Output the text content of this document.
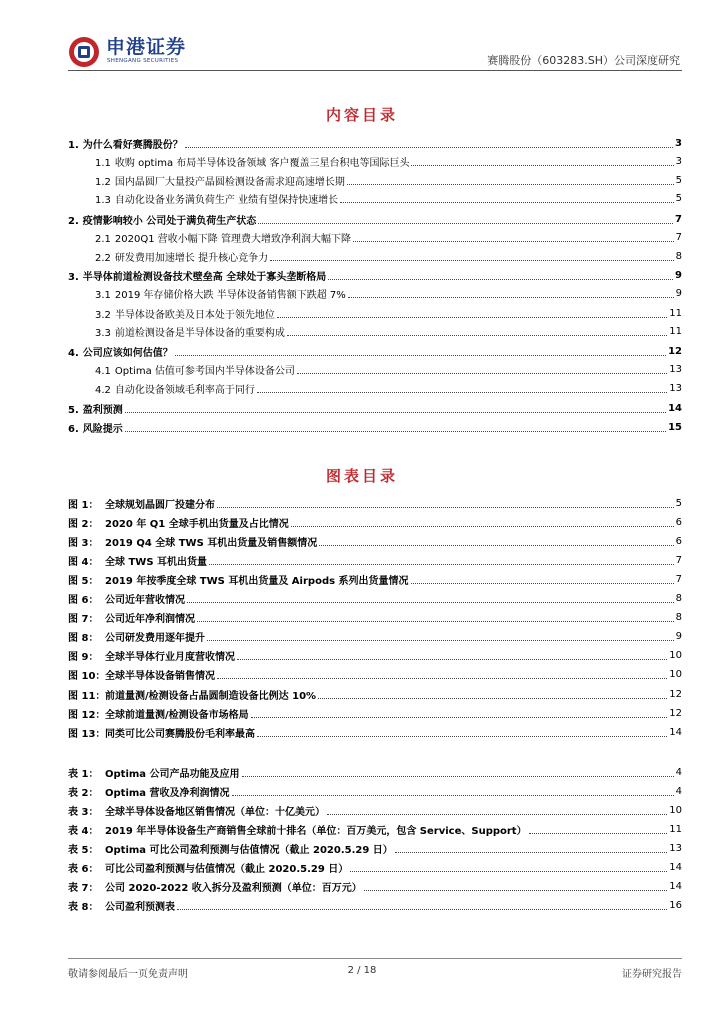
申港证券
SHENGANG SECURITIES	赛腾股份（603283.SH）公司深度研究
内容目录
1. 为什么看好赛腾股份？	3
1.1 收购 optima 布局半导体设备领域 客户覆盖三星台积电等国际巨头	3
1.2 国内晶圆厂大量投产晶圆检测设备需求迎高速增长期	5
1.3 自动化设备业务满负荷生产 业绩有望保持快速增长	5
2. 疫情影响较小 公司处于满负荷生产状态	7
2.1 2020Q1 营收小幅下降 管理费大增致净利润大幅下降	7
2.2 研发费用加速增长 提升核心竞争力	8
3. 半导体前道检测设备技术壁垒高 全球处于寡头垄断格局	9
3.1 2019 年存储价格大跌 半导体设备销售额下跌超 7%	9
3.2 半导体设备欧美及日本处于领先地位	11
3.3 前道检测设备是半导体设备的重要构成	11
4. 公司应该如何估值？	12
4.1 Optima 估值可参考国内半导体设备公司	13
4.2 自动化设备领域毛利率高于同行	13
5. 盈利预测	14
6. 风险提示	15
图表目录
图 1： 全球规划晶圆厂投建分布	5
图 2： 2020 年 Q1 全球手机出货量及占比情况	6
图 3： 2019 Q4 全球 TWS 耳机出货量及销售额情况	6
图 4： 全球 TWS 耳机出货量	7
图 5： 2019 年按季度全球 TWS 耳机出货量及 Airpods 系列出货量情况	7
图 6： 公司近年营收情况	8
图 7： 公司近年净利润情况	8
图 8： 公司研发费用逐年提升	9
图 9： 全球半导体行业月度营收情况	10
图 10：全球半导体设备销售情况	10
图 11：前道量测/检测设备占晶圆制造设备比例达 10%	12
图 12：全球前道量测/检测设备市场格局	12
图 13：同类可比公司赛腾股份毛利率最高	14
表 1： Optima 公司产品功能及应用	4
表 2： Optima 营收及净利润情况	4
表 3： 全球半导体设备地区销售情况（单位：十亿美元）	10
表 4： 2019 年半导体设备生产商销售全球前十排名（单位：百万美元，包含 Service、Support）	11
表 5： Optima 可比公司盈利预测与估值情况（截止 2020.5.29 日）	13
表 6： 可比公司盈利预测与估值情况（截止 2020.5.29 日）	14
表 7： 公司 2020-2022 收入拆分及盈利预测（单位：百万元）	14
表 8： 公司盈利预测表	16
敬请参阅最后一页免责声明	2 / 18	证券研究报告
